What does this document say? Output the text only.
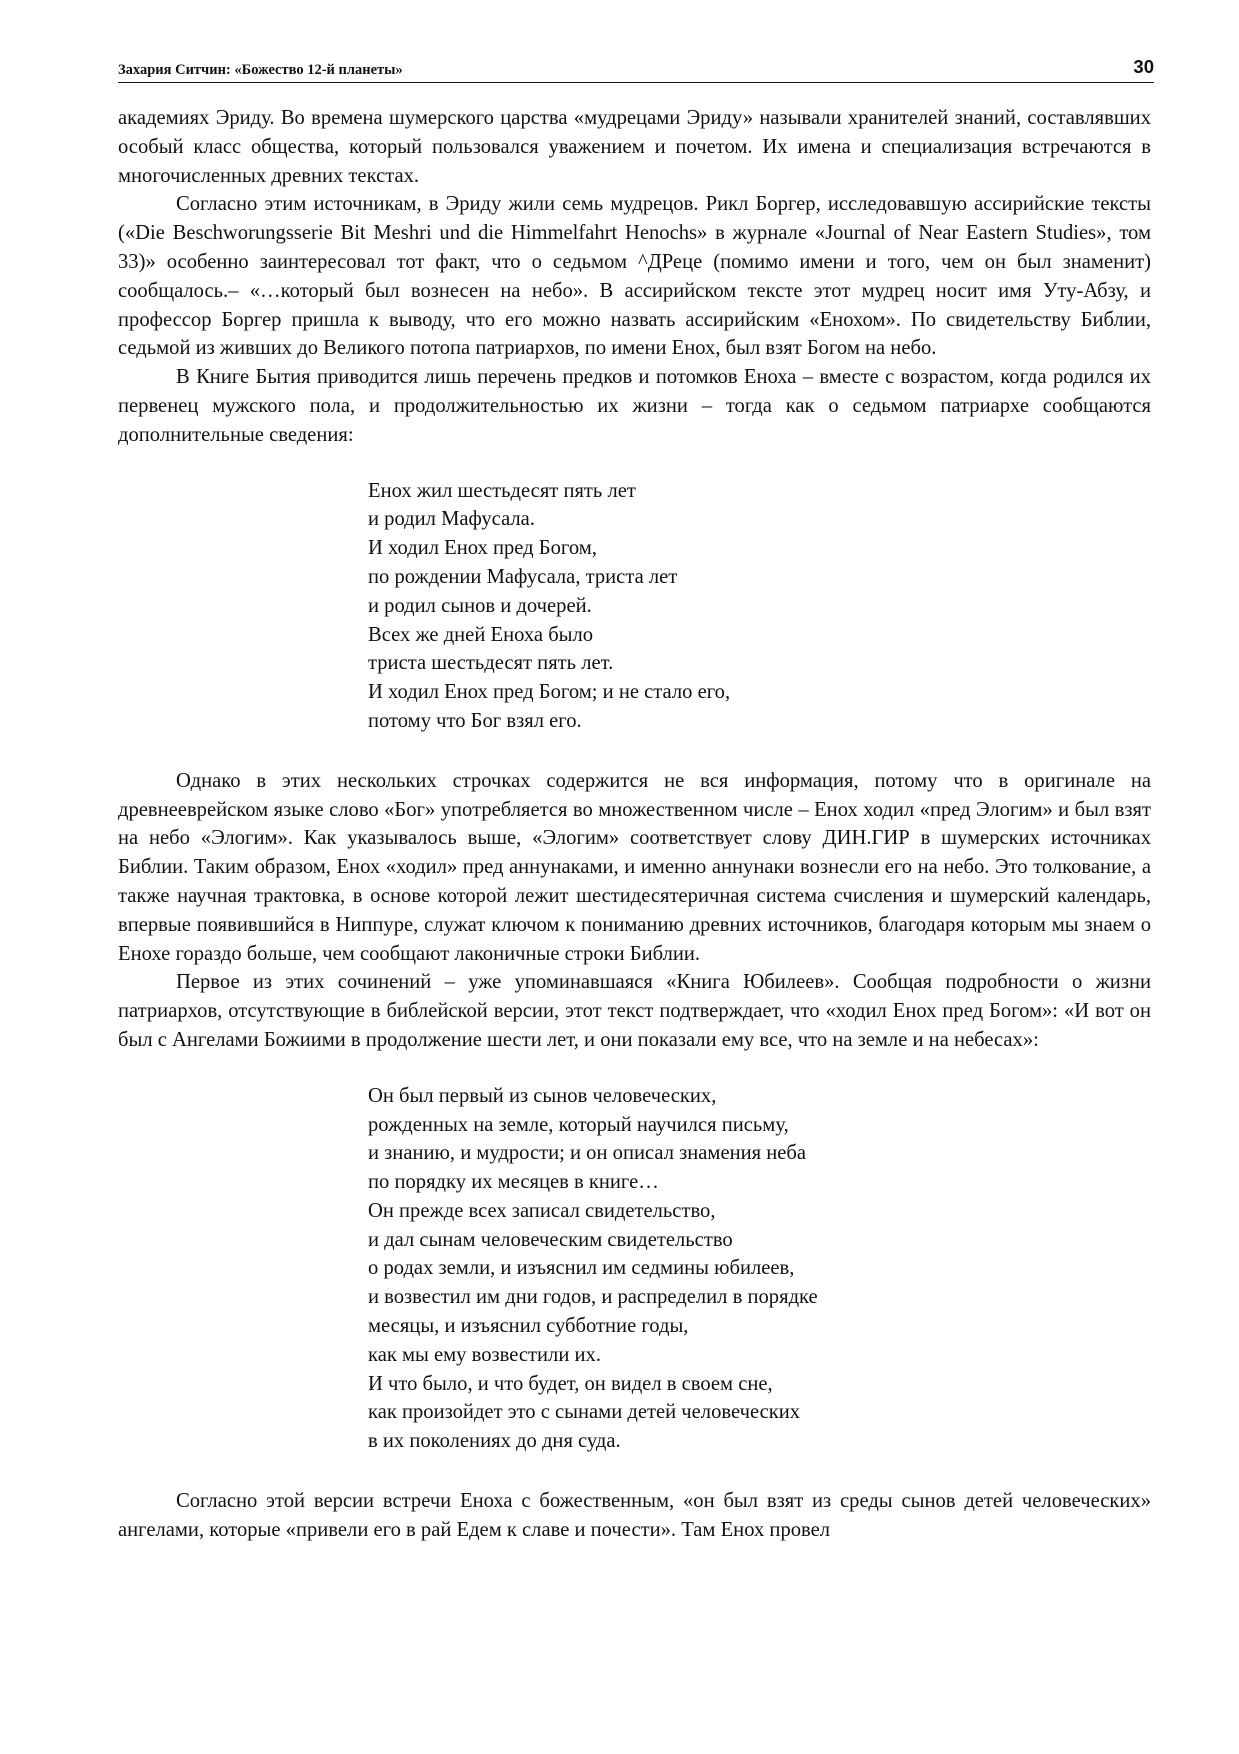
Захария Ситчин: «Божество 12-й планеты»	30

академиях Эриду. Во времена шумерского царства «мудрецами Эриду» называли хранителей знаний, составлявших особый класс общества, который пользовался уважением и почетом. Их имена и специализация встречаются в многочисленных древних текстах.

Согласно этим источникам, в Эриду жили семь мудрецов. Рикл Боргер, исследовавшую ассирийские тексты («Die Beschworungsserie Bit Meshri und die Himmelfahrt Henochs» в журнале «Journal of Near Eastern Studies», том 33)» особенно заинтересовал тот факт, что о седьмом ^ДРеце (помимо имени и того, чем он был знаменит) сообщалось.– «…который был вознесен на небо». В ассирийском тексте этот мудрец носит имя Уту-Абзу, и профессор Боргер пришла к выводу, что его можно назвать ассирийским «Енохом». По свидетельству Библии, седьмой из живших до Великого потопа патриархов, по имени Енох, был взят Богом на небо.

В Книге Бытия приводится лишь перечень предков и потомков Еноха – вместе с возрастом, когда родился их первенец мужского пола, и продолжительностью их жизни – тогда как о седьмом патриархе сообщаются дополнительные сведения:

Енох жил шестьдесят пять лет
и родил Мафусала.
И ходил Енох пред Богом,
по рождении Мафусала, триста лет
и родил сынов и дочерей.
Всех же дней Еноха было
триста шестьдесят пять лет.
И ходил Енох пред Богом; и не стало его,
потому что Бог взял его.

Однако в этих нескольких строчках содержится не вся информация, потому что в оригинале на древнееврейском языке слово «Бог» употребляется во множественном числе – Енох ходил «пред Элогим» и был взят на небо «Элогим». Как указывалось выше, «Элогим» соответствует слову ДИН.ГИР в шумерских источниках Библии. Таким образом, Енох «ходил» пред аннунаками, и именно аннунаки вознесли его на небо. Это толкование, а также научная трактовка, в основе которой лежит шестидесятеричная система счисления и шумерский календарь, впервые появившийся в Ниппуре, служат ключом к пониманию древних источников, благодаря которым мы знаем о Енохе гораздо больше, чем сообщают лаконичные строки Библии.

Первое из этих сочинений – уже упоминавшаяся «Книга Юбилеев». Сообщая подробности о жизни патриархов, отсутствующие в библейской версии, этот текст подтверждает, что «ходил Енох пред Богом»: «И вот он был с Ангелами Божиими в продолжение шести лет, и они показали ему все, что на земле и на небесах»:

Он был первый из сынов человеческих,
рожденных на земле, который научился письму,
и знанию, и мудрости; и он описал знамения неба
по порядку их месяцев в книге…
Он прежде всех записал свидетельство,
и дал сынам человеческим свидетельство
о родах земли, и изъяснил им седмины юбилеев,
и возвестил им дни годов, и распределил в порядке
месяцы, и изъяснил субботние годы,
как мы ему возвестили их.
И что было, и что будет, он видел в своем сне,
как произойдет это с сынами детей человеческих
в их поколениях до дня суда.

Согласно этой версии встречи Еноха с божественным, «он был взят из среды сынов детей человеческих» ангелами, которые «привели его в рай Едем к славе и почести». Там Енох провел
